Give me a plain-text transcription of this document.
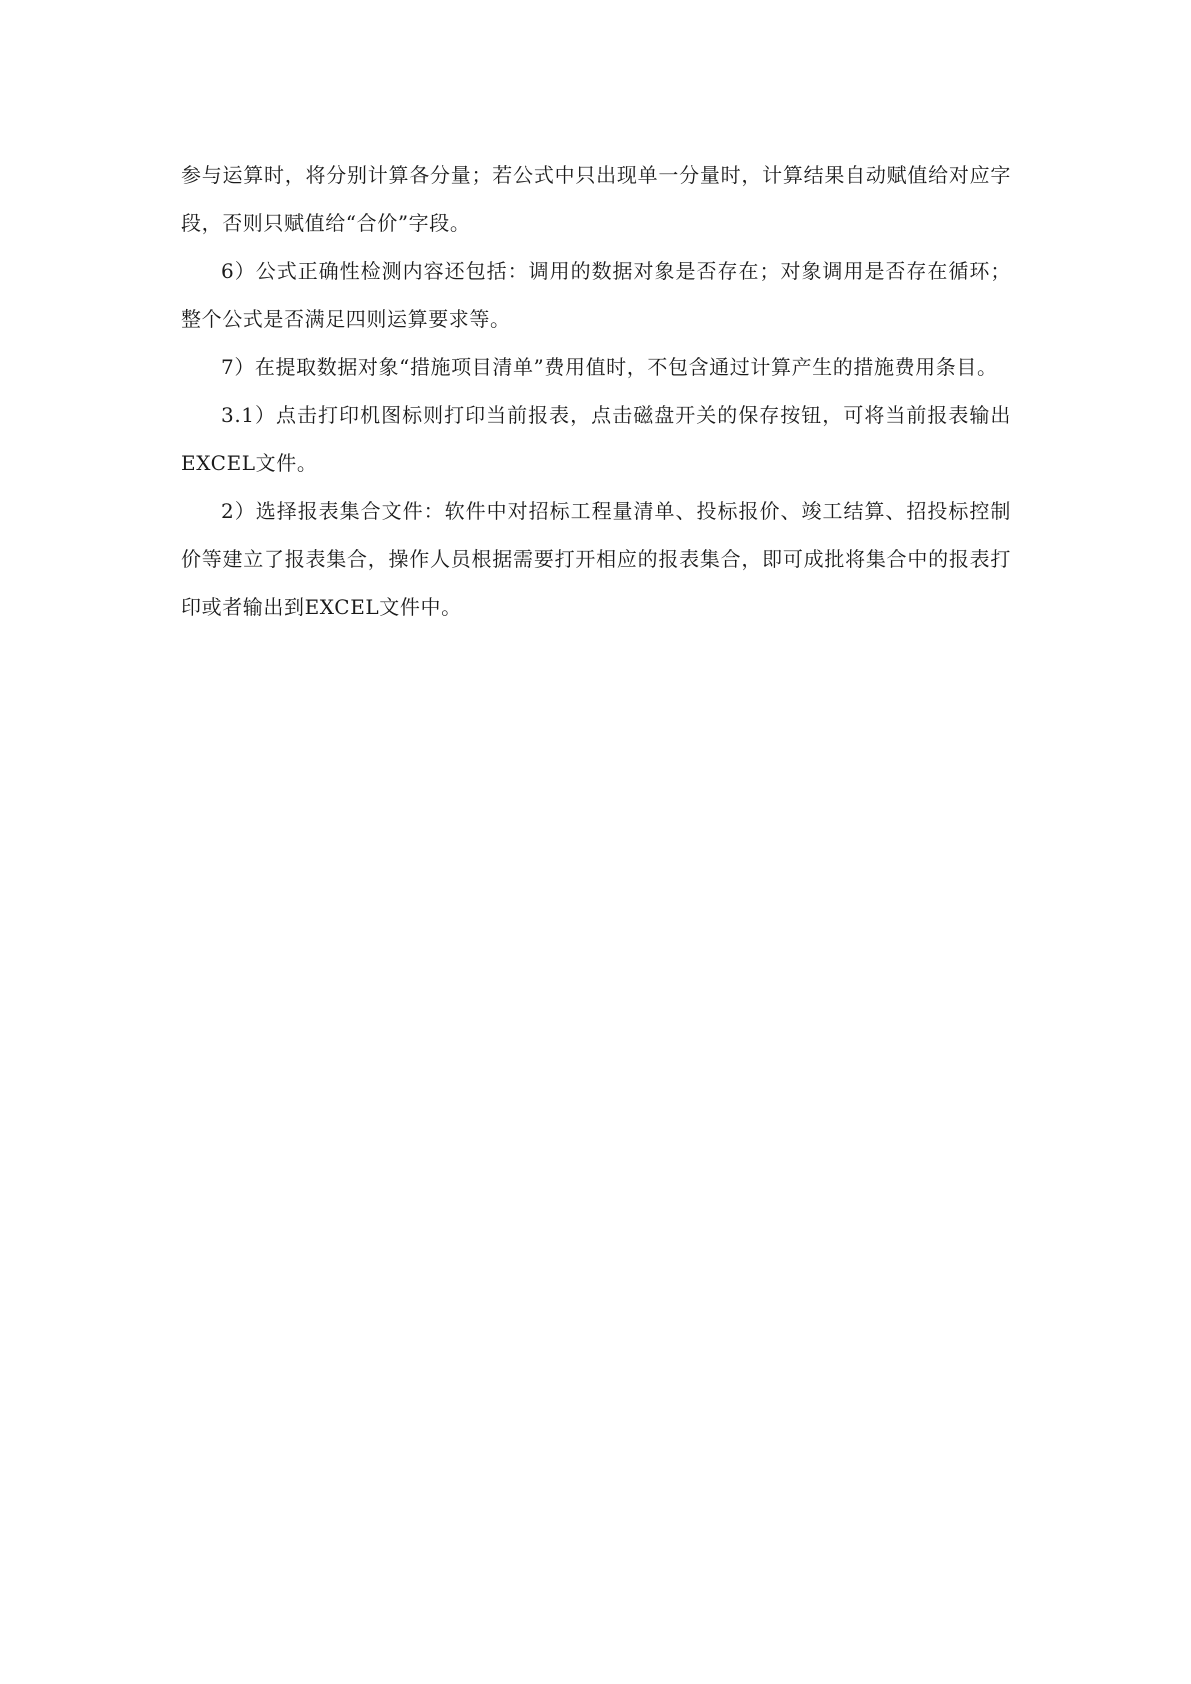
参与运算时，将分别计算各分量；若公式中只出现单一分量时，计算结果自动赋值给对应字段，否则只赋值给“合价”字段。

6）公式正确性检测内容还包括：调用的数据对象是否存在；对象调用是否存在循环；整个公式是否满足四则运算要求等。

7）在提取数据对象“措施项目清单”费用值时，不包含通过计算产生的措施费用条目。

3.1）点击打印机图标则打印当前报表，点击磁盘开关的保存按钮，可将当前报表输出EXCEL文件。

2）选择报表集合文件：软件中对招标工程量清单、投标报价、竣工结算、招投标控制价等建立了报表集合，操作人员根据需要打开相应的报表集合，即可成批将集合中的报表打印或者输出到EXCEL文件中。
